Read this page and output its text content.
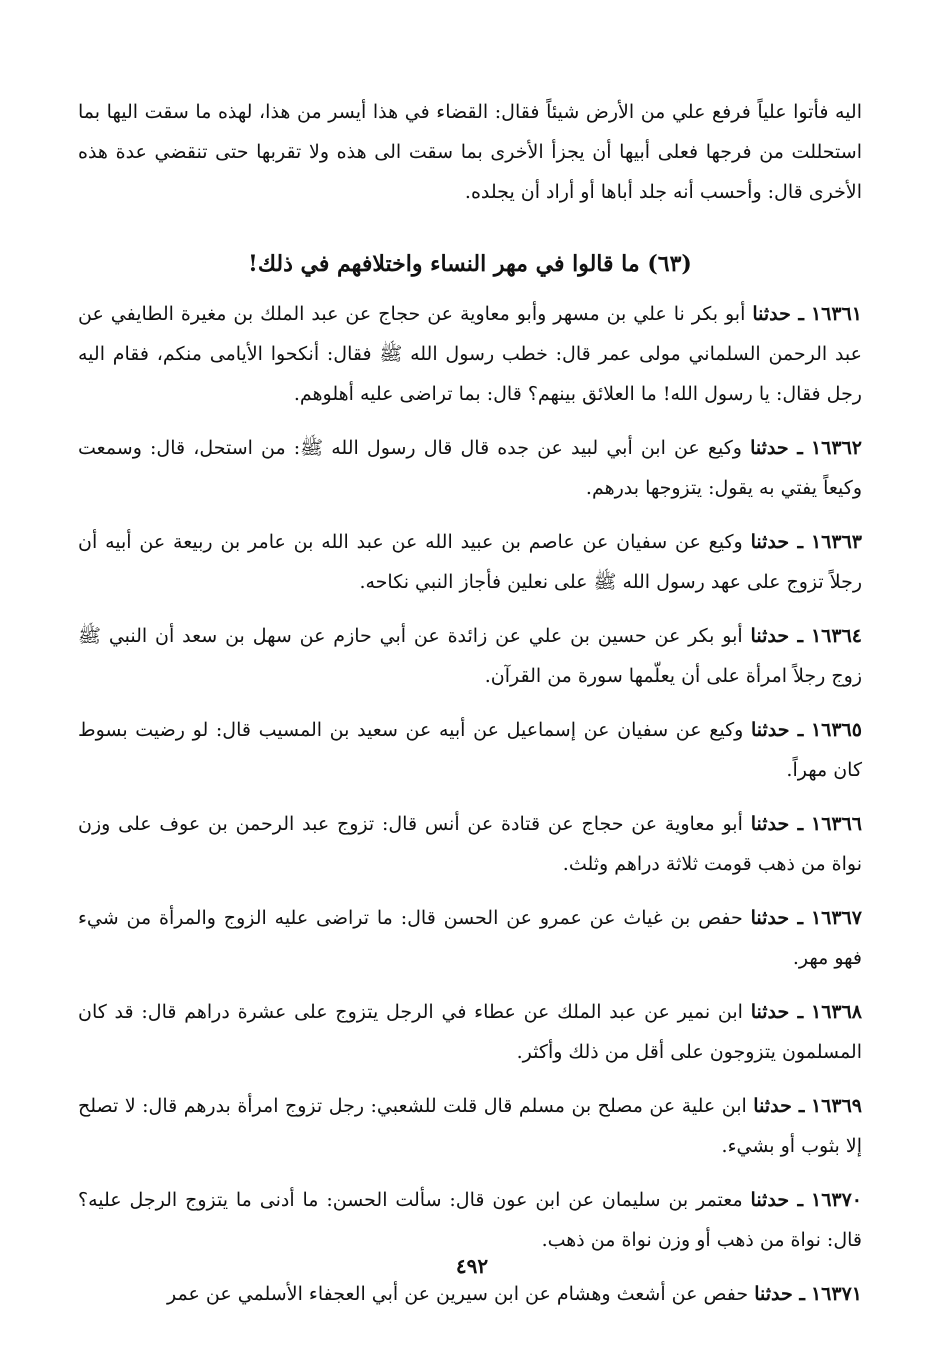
اليه فأتوا علياً فرفع علي من الأرض شيئاً فقال: القضاء في هذا أيسر من هذا، لهذه ما سقت اليها بما استحللت من فرجها فعلى أبيها أن يجزأ الأخرى بما سقت الى هذه ولا تقربها حتى تنقضي عدة هذه الأخرى قال: وأحسب أنه جلد أباها أو أراد أن يجلده.

(٦٣) ما قالوا في مهر النساء واختلافهم في ذلك!

١٦٣٦١ ـ حدثنا أبو بكر نا علي بن مسهر وأبو معاوية عن حجاج عن عبد الملك بن مغيرة الطايفي عن عبد الرحمن السلماني مولى عمر قال: خطب رسول الله ﷺ فقال: أنكحوا الأيامى منكم، فقام اليه رجل فقال: يا رسول الله! ما العلائق بينهم؟ قال: بما تراضى عليه أهلوهم.

١٦٣٦٢ ـ حدثنا وكيع عن ابن أبي لبيد عن جده قال قال رسول الله ﷺ: من استحل، قال: وسمعت وكيعاً يفتي به يقول: يتزوجها بدرهم.

١٦٣٦٣ ـ حدثنا وكيع عن سفيان عن عاصم بن عبيد الله عن عبد الله بن عامر بن ربيعة عن أبيه أن رجلاً تزوج على عهد رسول الله ﷺ على نعلين فأجاز النبي نكاحه.

١٦٣٦٤ ـ حدثنا أبو بكر عن حسين بن علي عن زائدة عن أبي حازم عن سهل بن سعد أن النبي ﷺ زوج رجلاً امرأة على أن يعلّمها سورة من القرآن.

١٦٣٦٥ ـ حدثنا وكيع عن سفيان عن إسماعيل عن أبيه عن سعيد بن المسيب قال: لو رضيت بسوط كان مهراً.

١٦٣٦٦ ـ حدثنا أبو معاوية عن حجاج عن قتادة عن أنس قال: تزوج عبد الرحمن بن عوف على وزن نواة من ذهب قومت ثلاثة دراهم وثلث.

١٦٣٦٧ ـ حدثنا حفص بن غياث عن عمرو عن الحسن قال: ما تراضى عليه الزوج والمرأة من شيء فهو مهر.

١٦٣٦٨ ـ حدثنا ابن نمير عن عبد الملك عن عطاء في الرجل يتزوج على عشرة دراهم قال: قد كان المسلمون يتزوجون على أقل من ذلك وأكثر.

١٦٣٦٩ ـ حدثنا ابن علية عن مصلح بن مسلم قال قلت للشعبي: رجل تزوج امرأة بدرهم قال: لا تصلح إلا بثوب أو بشيء.

١٦٣٧٠ ـ حدثنا معتمر بن سليمان عن ابن عون قال: سألت الحسن: ما أدنى ما يتزوج الرجل عليه؟ قال: نواة من ذهب أو وزن نواة من ذهب.

١٦٣٧١ ـ حدثنا حفص عن أشعث وهشام عن ابن سيرين عن أبي العجفاء الأسلمي عن عمر

٤٩٢
